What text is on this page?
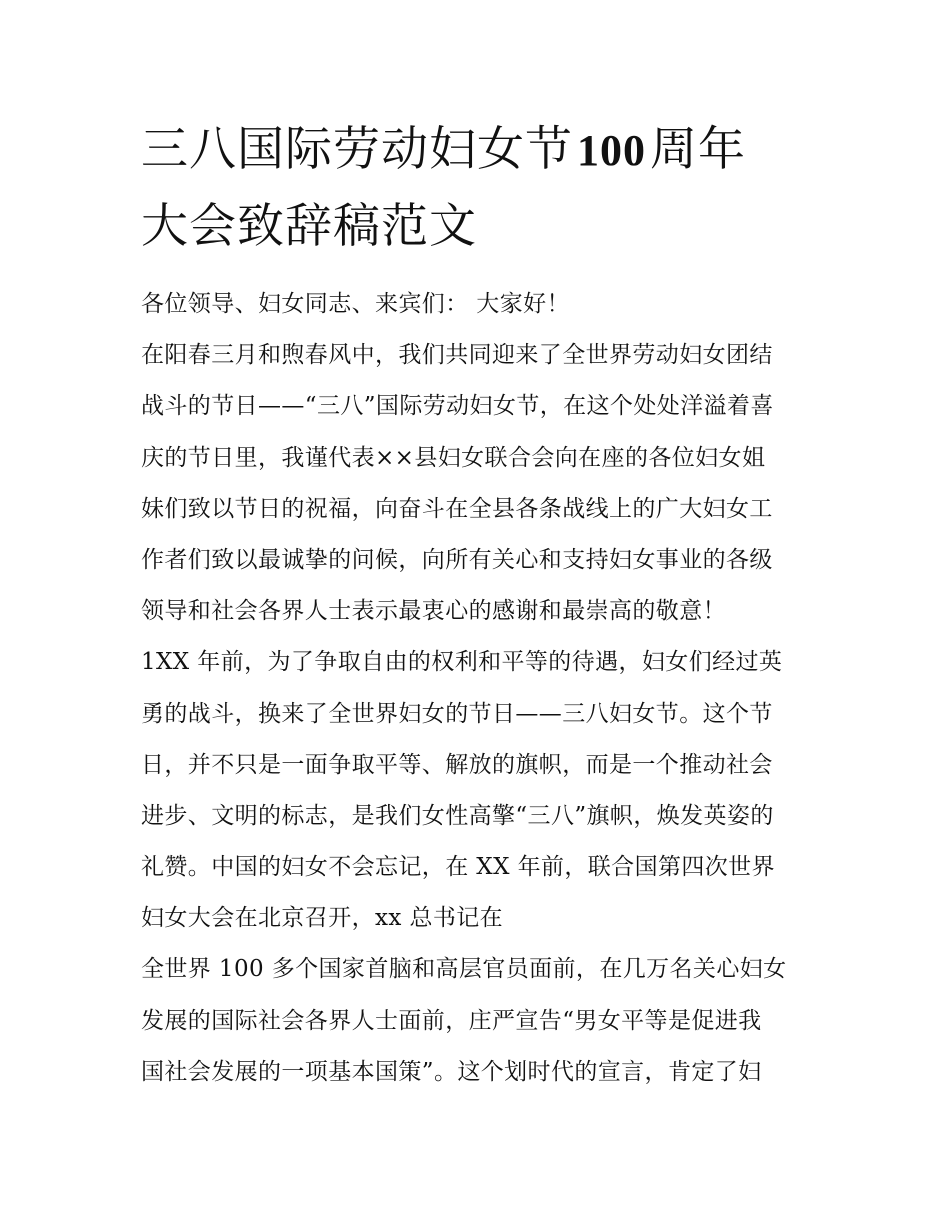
三八国际劳动妇女节100周年
大会致辞稿范文
各位领导、妇女同志、来宾们： 大家好！
在阳春三月和煦春风中，我们共同迎来了全世界劳动妇女团结
战斗的节日——“三八”国际劳动妇女节，在这个处处洋溢着喜
庆的节日里，我谨代表××县妇女联合会向在座的各位妇女姐
妹们致以节日的祝福，向奋斗在全县各条战线上的广大妇女工
作者们致以最诚挚的问候，向所有关心和支持妇女事业的各级
领导和社会各界人士表示最衷心的感谢和最崇高的敬意！
1XX 年前，为了争取自由的权利和平等的待遇，妇女们经过英
勇的战斗，换来了全世界妇女的节日——三八妇女节。这个节
日，并不只是一面争取平等、解放的旗帜，而是一个推动社会
进步、文明的标志，是我们女性高擎“三八”旗帜，焕发英姿的
礼赞。中国的妇女不会忘记，在 XX 年前，联合国第四次世界
妇女大会在北京召开，xx 总书记在
全世界 100 多个国家首脑和高层官员面前，在几万名关心妇女
发展的国际社会各界人士面前，庄严宣告“男女平等是促进我
国社会发展的一项基本国策”。这个划时代的宣言，肯定了妇
